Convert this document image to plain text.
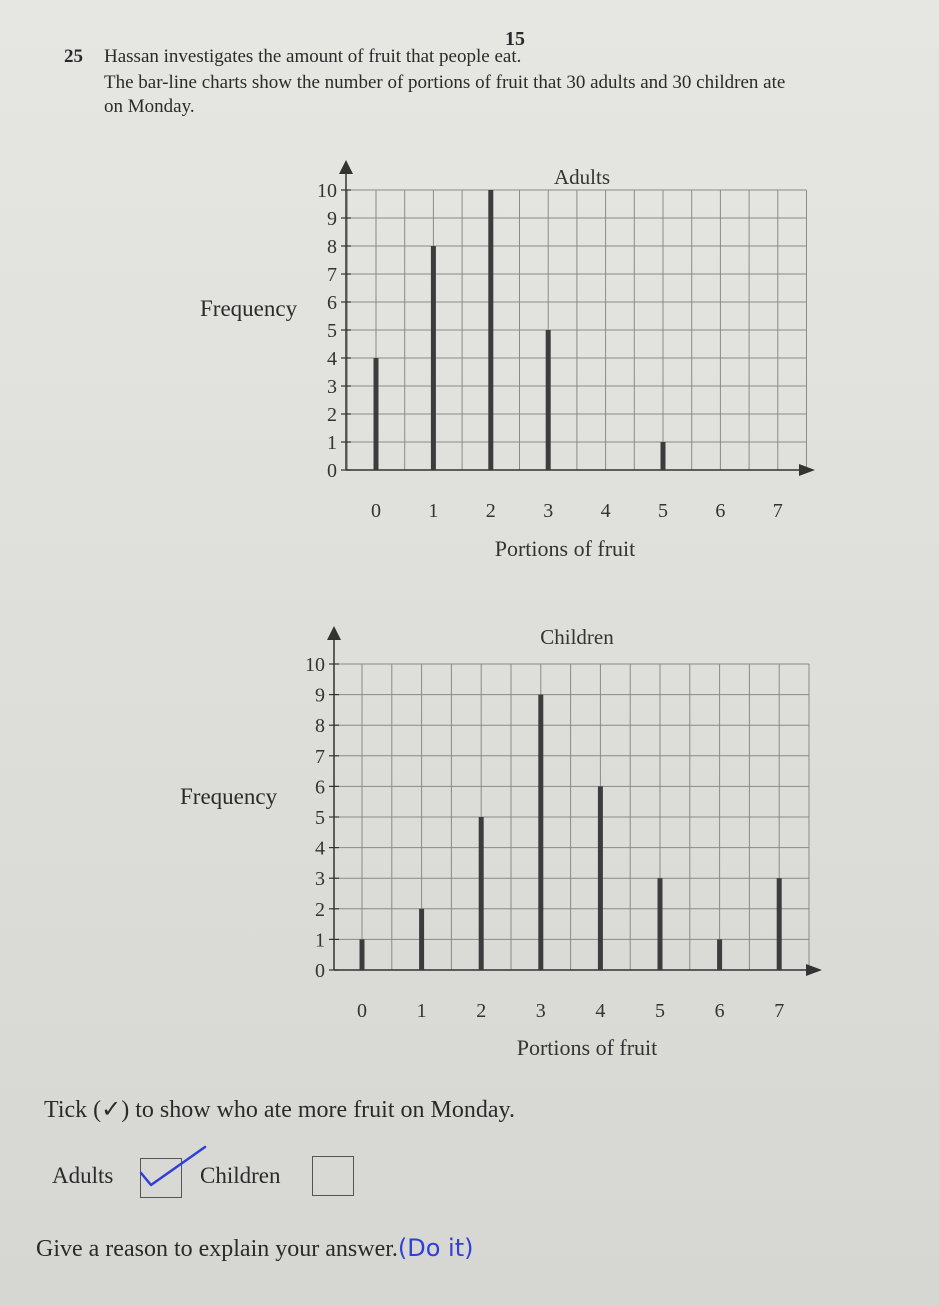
15
25 Hassan investigates the amount of fruit that people eat.
The bar-line charts show the number of portions of fruit that 30 adults and 30 children ate
on Monday.
Frequency
0
1
2
3
4
5
6
7
8
9
10
0 1 2 3 4 5 6 7
Adults
Portions of fruit
Frequency
0
1
2
3
4
5
6
7
8
9
10
0 1 2 3 4 5 6 7
Children
Portions of fruit
Tick (✓) to show who ate more fruit on Monday.
Adults	Children
Give a reason to explain your answer.(Do it)
